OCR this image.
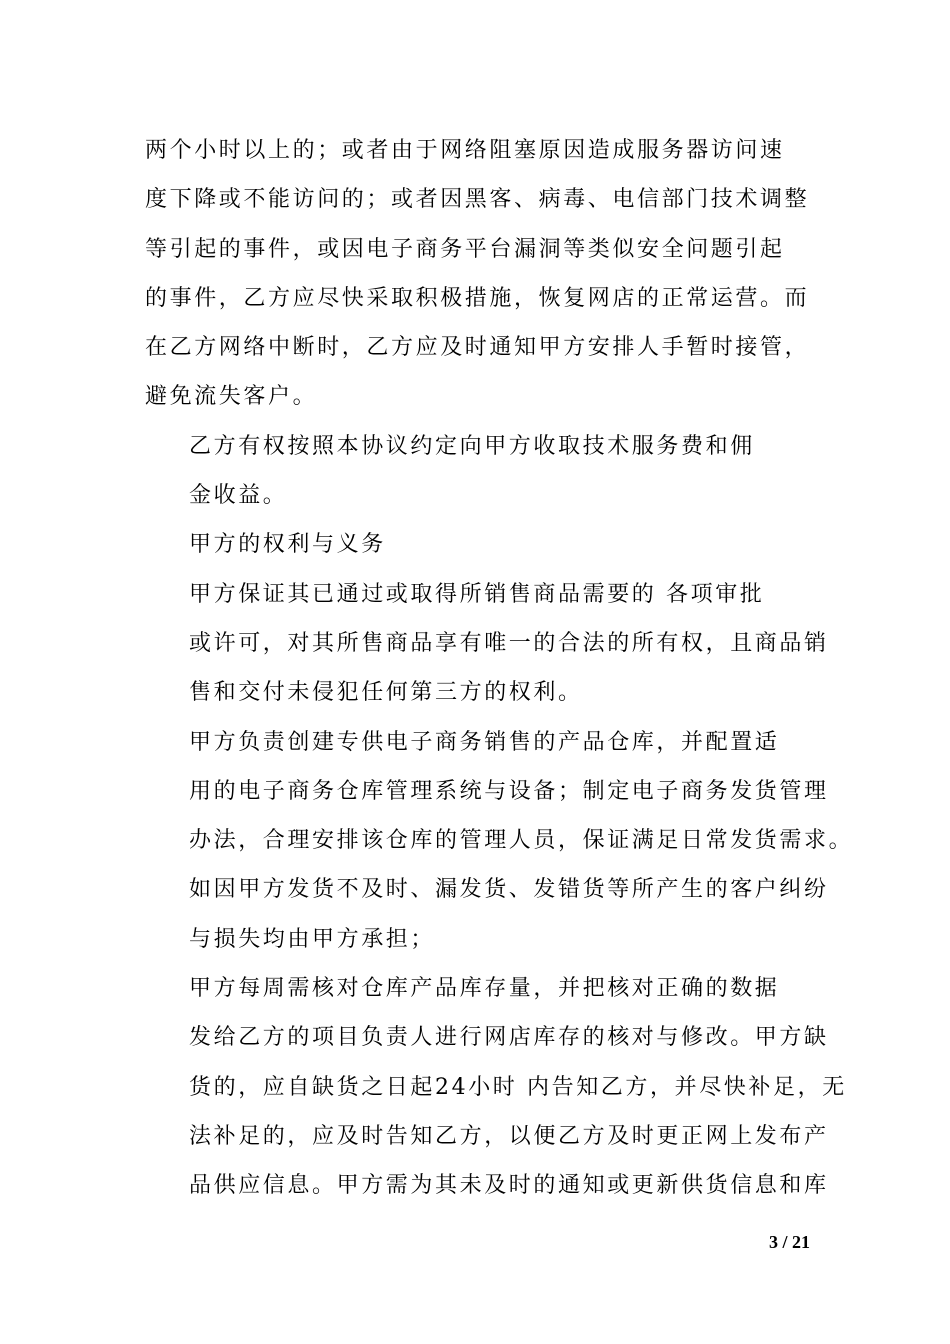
两个小时以上的；或者由于网络阻塞原因造成服务器访问速
度下降或不能访问的；或者因黑客、病毒、电信部门技术调整
等引起的事件，或因电子商务平台漏洞等类似安全问题引起
的事件，乙方应尽快采取积极措施，恢复网店的正常运营。而
在乙方网络中断时，乙方应及时通知甲方安排人手暂时接管，
避免流失客户。

乙方有权按照本协议约定向甲方收取技术服务费和佣
金收益。

甲方的权利与义务

甲方保证其已通过或取得所销售商品需要的 各项审批
或许可，对其所售商品享有唯一的合法的所有权，且商品销
售和交付未侵犯任何第三方的权利。

甲方负责创建专供电子商务销售的产品仓库，并配置适
用的电子商务仓库管理系统与设备；制定电子商务发货管理
办法，合理安排该仓库的管理人员，保证满足日常发货需求。
如因甲方发货不及时、漏发货、发错货等所产生的客户纠纷
与损失均由甲方承担；

甲方每周需核对仓库产品库存量，并把核对正确的数据
发给乙方的项目负责人进行网店库存的核对与修改。甲方缺
货的，应自缺货之日起24小时 内告知乙方，并尽快补足，无
法补足的，应及时告知乙方，以便乙方及时更正网上发布产
品供应信息。甲方需为其未及时的通知或更新供货信息和库

3 / 21
